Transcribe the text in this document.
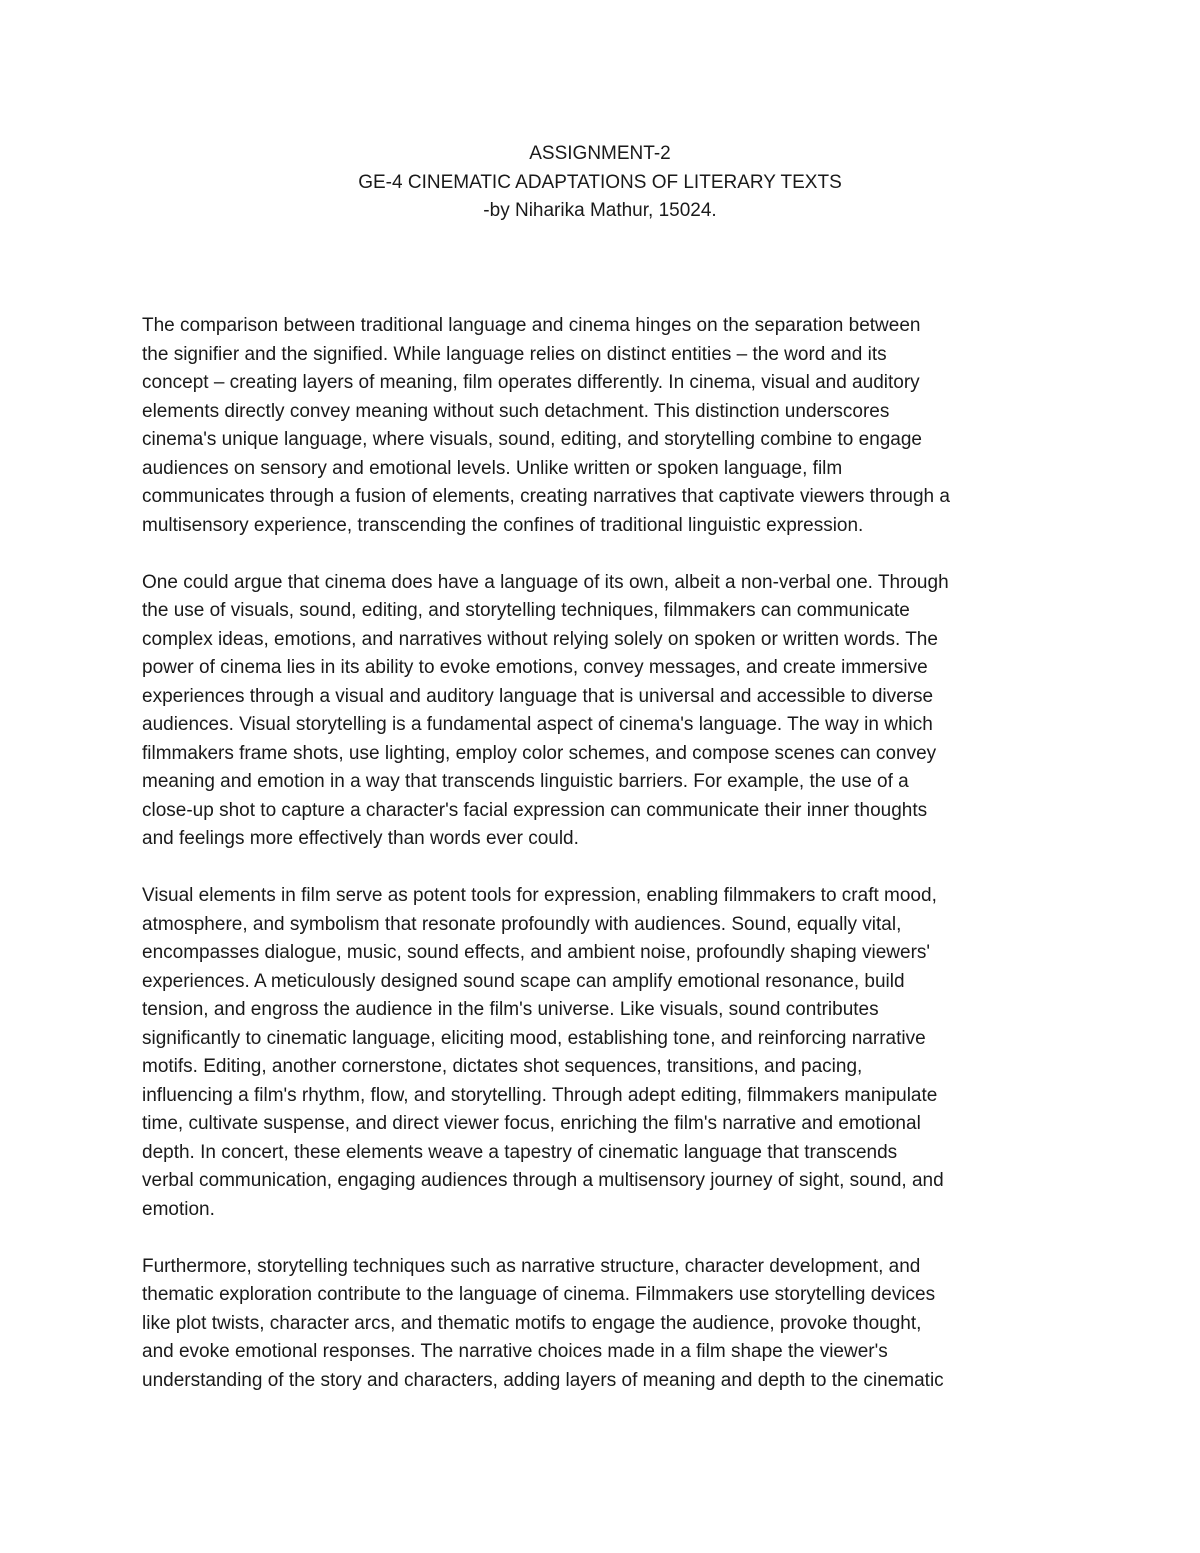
ASSIGNMENT-2
GE-4 CINEMATIC ADAPTATIONS OF LITERARY TEXTS
-by Niharika Mathur, 15024.

The comparison between traditional language and cinema hinges on the separation between
the signifier and the signified. While language relies on distinct entities – the word and its
concept – creating layers of meaning, film operates differently. In cinema, visual and auditory
elements directly convey meaning without such detachment. This distinction underscores
cinema's unique language, where visuals, sound, editing, and storytelling combine to engage
audiences on sensory and emotional levels. Unlike written or spoken language, film
communicates through a fusion of elements, creating narratives that captivate viewers through a
multisensory experience, transcending the confines of traditional linguistic expression.

One could argue that cinema does have a language of its own, albeit a non-verbal one. Through
the use of visuals, sound, editing, and storytelling techniques, filmmakers can communicate
complex ideas, emotions, and narratives without relying solely on spoken or written words. The
power of cinema lies in its ability to evoke emotions, convey messages, and create immersive
experiences through a visual and auditory language that is universal and accessible to diverse
audiences. Visual storytelling is a fundamental aspect of cinema's language. The way in which
filmmakers frame shots, use lighting, employ color schemes, and compose scenes can convey
meaning and emotion in a way that transcends linguistic barriers. For example, the use of a
close-up shot to capture a character's facial expression can communicate their inner thoughts
and feelings more effectively than words ever could.

Visual elements in film serve as potent tools for expression, enabling filmmakers to craft mood,
atmosphere, and symbolism that resonate profoundly with audiences. Sound, equally vital,
encompasses dialogue, music, sound effects, and ambient noise, profoundly shaping viewers'
experiences. A meticulously designed sound scape can amplify emotional resonance, build
tension, and engross the audience in the film's universe. Like visuals, sound contributes
significantly to cinematic language, eliciting mood, establishing tone, and reinforcing narrative
motifs. Editing, another cornerstone, dictates shot sequences, transitions, and pacing,
influencing a film's rhythm, flow, and storytelling. Through adept editing, filmmakers manipulate
time, cultivate suspense, and direct viewer focus, enriching the film's narrative and emotional
depth. In concert, these elements weave a tapestry of cinematic language that transcends
verbal communication, engaging audiences through a multisensory journey of sight, sound, and
emotion.

Furthermore, storytelling techniques such as narrative structure, character development, and
thematic exploration contribute to the language of cinema. Filmmakers use storytelling devices
like plot twists, character arcs, and thematic motifs to engage the audience, provoke thought,
and evoke emotional responses. The narrative choices made in a film shape the viewer's
understanding of the story and characters, adding layers of meaning and depth to the cinematic
